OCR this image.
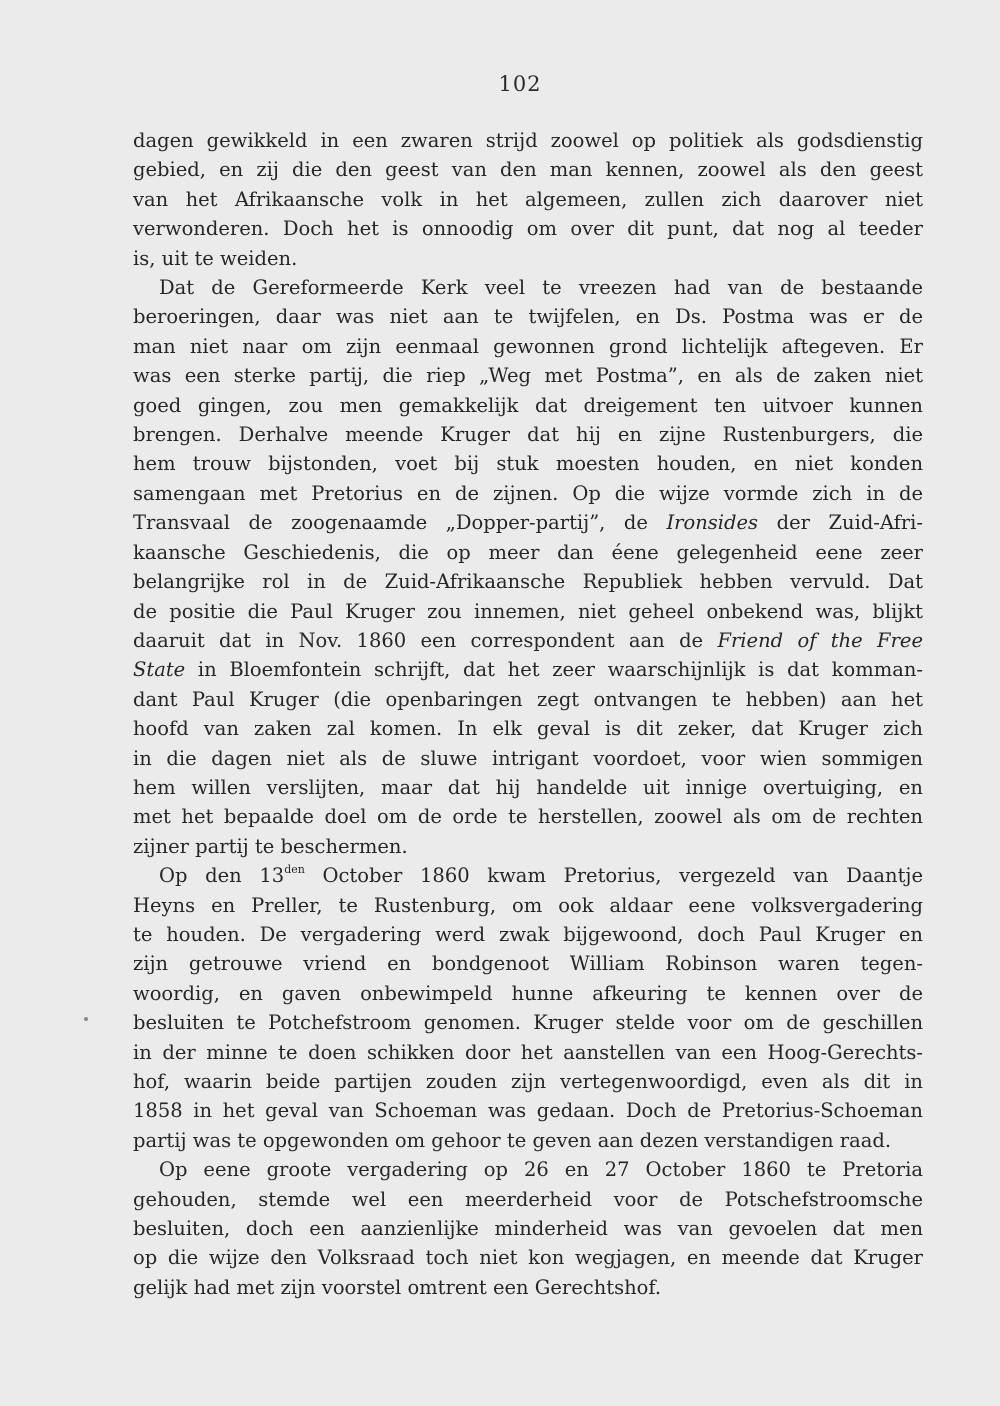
102

dagen gewikkeld in een zwaren strijd zoowel op politiek als godsdienstig
gebied, en zij die den geest van den man kennen, zoowel als den geest
van het Afrikaansche volk in het algemeen, zullen zich daarover niet
verwonderen. Doch het is onnoodig om over dit punt, dat nog al teeder
is, uit te weiden.

Dat de Gereformeerde Kerk veel te vreezen had van de bestaande
beroeringen, daar was niet aan te twijfelen, en Ds. Postma was er de
man niet naar om zijn eenmaal gewonnen grond lichtelijk aftegeven. Er
was een sterke partij, die riep „Weg met Postma”, en als de zaken niet
goed gingen, zou men gemakkelijk dat dreigement ten uitvoer kunnen
brengen. Derhalve meende Kruger dat hij en zijne Rustenburgers, die
hem trouw bijstonden, voet bij stuk moesten houden, en niet konden
samengaan met Pretorius en de zijnen. Op die wijze vormde zich in de
Transvaal de zoogenaamde „Dopper-partij”, de Ironsides der Zuid-Afri-
kaansche Geschiedenis, die op meer dan éene gelegenheid eene zeer
belangrijke rol in de Zuid-Afrikaansche Republiek hebben vervuld. Dat
de positie die Paul Kruger zou innemen, niet geheel onbekend was, blijkt
daaruit dat in Nov. 1860 een correspondent aan de Friend of the Free
State in Bloemfontein schrijft, dat het zeer waarschijnlijk is dat komman-
dant Paul Kruger (die openbaringen zegt ontvangen te hebben) aan het
hoofd van zaken zal komen. In elk geval is dit zeker, dat Kruger zich
in die dagen niet als de sluwe intrigant voordoet, voor wien sommigen
hem willen verslijten, maar dat hij handelde uit innige overtuiging, en
met het bepaalde doel om de orde te herstellen, zoowel als om de rechten
zijner partij te beschermen.

Op den $13^{den}$ October 1860 kwam Pretorius, vergezeld van Daantje
Heyns en Preller, te Rustenburg, om ook aldaar eene volksvergadering
te houden. De vergadering werd zwak bijgewoond, doch Paul Kruger en
zijn getrouwe vriend en bondgenoot William Robinson waren tegen-
woordig, en gaven onbewimpeld hunne afkeuring te kennen over de
besluiten te Potchefstroom genomen. Kruger stelde voor om de geschillen
in der minne te doen schikken door het aanstellen van een Hoog-Gerechts-
hof, waarin beide partijen zouden zijn vertegenwoordigd, even als dit in
1858 in het geval van Schoeman was gedaan. Doch de Pretorius-Schoeman
partij was te opgewonden om gehoor te geven aan dezen verstandigen raad.

Op eene groote vergadering op 26 en 27 October 1860 te Pretoria
gehouden, stemde wel een meerderheid voor de Potschefstroomsche
besluiten, doch een aanzienlijke minderheid was van gevoelen dat men
op die wijze den Volksraad toch niet kon wegjagen, en meende dat Kruger
gelijk had met zijn voorstel omtrent een Gerechtshof.
